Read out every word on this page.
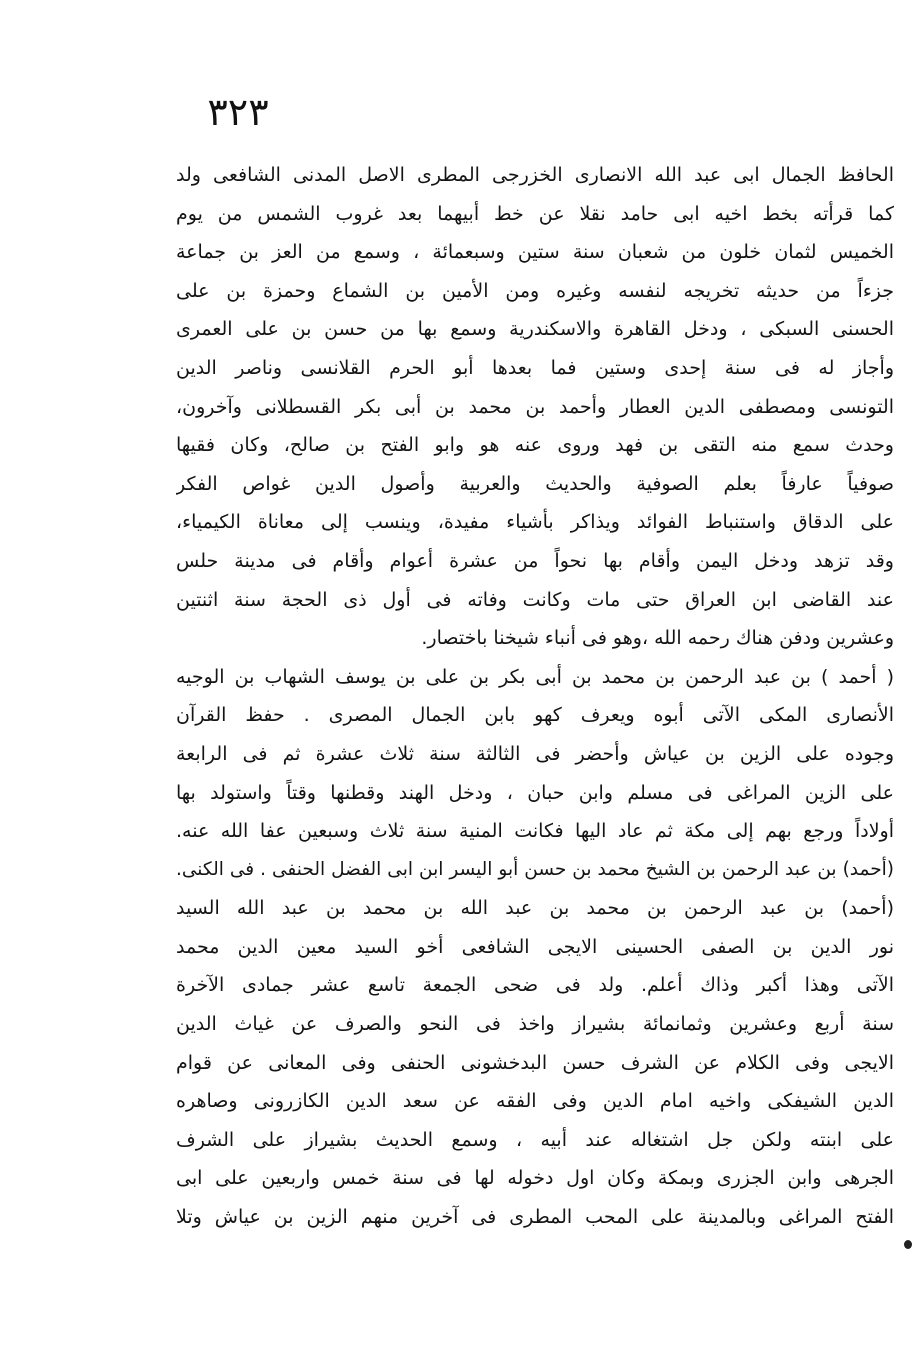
٣٢٣
الحافظ الجمال ابى عبد الله الانصارى الخزرجى المطرى الاصل المدنى الشافعى ولد
كما قرأته بخط اخيه ابى حامد نقلا عن خط أبيهما بعد غروب الشمس من يوم
الخميس لثمان خلون من شعبان سنة ستين وسبعمائة ، وسمع من العز بن جماعة
جزءاً من حديثه تخريجه لنفسه وغيره ومن الأمين بن الشماع وحمزة بن على
الحسنى السبكى ، ودخل القاهرة والاسكندرية وسمع بها من حسن بن على العمرى
وأجاز له فى سنة إحدى وستين فما بعدها أبو الحرم القلانسى وناصر الدين
التونسى ومصطفى الدين العطار وأحمد بن محمد بن أبى بكر القسطلانى وآخرون،
وحدث سمع منه التقى بن فهد وروى عنه هو وابو الفتح بن صالح، وكان فقيها
صوفياً عارفاً بعلم الصوفية والحديث والعربية وأصول الدين غواص الفكر
على الدقاق واستنباط الفوائد ويذاكر بأشياء مفيدة، وينسب إلى معاناة الكيمياء،
وقد تزهد ودخل اليمن وأقام بها نحواً من عشرة أعوام وأقام فى مدينة حلس
عند القاضى ابن العراق حتى مات وكانت وفاته فى أول ذى الحجة سنة اثنتين
وعشرين ودفن هناك رحمه الله ،وهو فى أنباء شيخنا باختصار.
( أحمد ) بن عبد الرحمن بن محمد بن أبى بكر بن على بن يوسف الشهاب بن الوجيه
الأنصارى المكى الآتى أبوه ويعرف كهو بابن الجمال المصرى . حفظ القرآن
وجوده على الزين بن عياش وأحضر فى الثالثة سنة ثلاث عشرة ثم فى الرابعة
على الزين المراغى فى مسلم وابن حبان ، ودخل الهند وقطنها وقتاً واستولد بها
أولاداً ورجع بهم إلى مكة ثم عاد اليها فكانت المنية سنة ثلاث وسبعين عفا الله عنه.
(أحمد) بن عبد الرحمن بن الشيخ محمد بن حسن أبو اليسر ابن ابى الفضل الحنفى . فى الكنى.
(أحمد) بن عبد الرحمن بن محمد بن عبد الله بن محمد بن عبد الله السيد
نور الدين بن الصفى الحسينى الايجى الشافعى أخو السيد معين الدين محمد
الآتى وهذا أكبر وذاك أعلم. ولد فى ضحى الجمعة تاسع عشر جمادى الآخرة
سنة أربع وعشرين وثمانمائة بشيراز واخذ فى النحو والصرف عن غياث الدين
الايجى وفى الكلام عن الشرف حسن البدخشونى الحنفى وفى المعانى عن قوام
الدين الشيفكى واخيه امام الدين وفى الفقه عن سعد الدين الكازرونى وصاهره
على ابنته ولكن جل اشتغاله عند أبيه ، وسمع الحديث بشيراز على الشرف
الجرهى وابن الجزرى وبمكة وكان اول دخوله لها فى سنة خمس واربعين على ابى
الفتح المراغى وبالمدينة على المحب المطرى فى آخرين منهم الزين بن عياش وتلا
